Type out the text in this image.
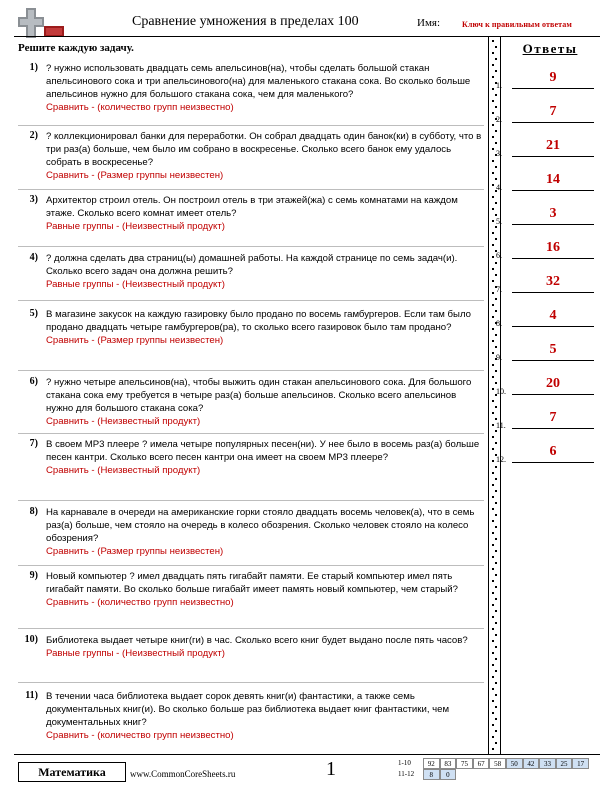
Сравнение умножения в пределах 100	Имя:	Ключ к правильным ответам
Решите каждую задачу.
1) ? нужно использовать двадцать семь апельсинов(на), чтобы сделать большой стакан апельсинового сока и три апельсинового(на) для маленького стакана сока. Во сколько больше апельсинов нужно для большого стакана сока, чем для маленького?
Сравнить - (количество групп неизвестно)
2) ? коллекционировал банки для переработки. Он собрал двадцать один банок(ки) в субботу, что в три раз(а) больше, чем было им собрано в воскресенье. Сколько всего банок ему удалось собрать в воскресенье?
Сравнить - (Размер группы неизвестен)
3) Архитектор строил отель. Он построил отель в три этажей(жа) с семь комнатами на каждом этаже. Сколько всего комнат имеет отель?
Равные группы - (Неизвестный продукт)
4) ? должна сделать два страниц(ы) домашней работы. На каждой странице по семь задач(и). Сколько всего задач она должна решить?
Равные группы - (Неизвестный продукт)
5) В магазине закусок на каждую газировку было продано по восемь гамбургеров. Если там было продано двадцать четыре гамбургеров(ра), то сколько всего газировок было там продано?
Сравнить - (Размер группы неизвестен)
6) ? нужно четыре апельсинов(на), чтобы выжить один стакан апельсинового сока. Для большого стакана сока ему требуется в четыре раз(а) больше апельсинов. Сколько всего апельсинов нужно для большого стакана сока?
Сравнить - (Неизвестный продукт)
7) В своем MP3 плеере ? имела четыре популярных песен(ни). У нее было в восемь раз(а) больше песен кантри. Сколько всего песен кантри она имеет на своем MP3 плеере?
Сравнить - (Неизвестный продукт)
8) На карнавале в очереди на американские горки стояло двадцать восемь человек(а), что в семь раз(а) больше, чем стояло на очередь в колесо обозрения. Сколько человек стояло на колесо обозрения?
Сравнить - (Размер группы неизвестен)
9) Новый компьютер ? имел двадцать пять гигабайт памяти. Ее старый компьютер имел пять гигабайт памяти. Во сколько больше гигабайт имеет память новый компьютер, чем старый?
Сравнить - (количество групп неизвестно)
10) Библиотека выдает четыре книг(ги) в час. Сколько всего книг будет выдано после пять часов?
Равные группы - (Неизвестный продукт)
11) В течении часа библиотека выдает сорок девять книг(и) фантастики, а также семь документальных книг(и). Во сколько больше раз библиотека выдает книг фантастики, чем документальных книг?
Сравнить - (количество групп неизвестно)
Ответы
1.
9
2.
7
3.
21
4.
14
5.
3
6.
16
7.
32
8.
4
9.
5
10.
20
11.
7
12.
6
Математика	www.CommonCoreSheets.ru	1	1-10	92	83	75	67	58	50	42	33	25	17
11-12	8	0
